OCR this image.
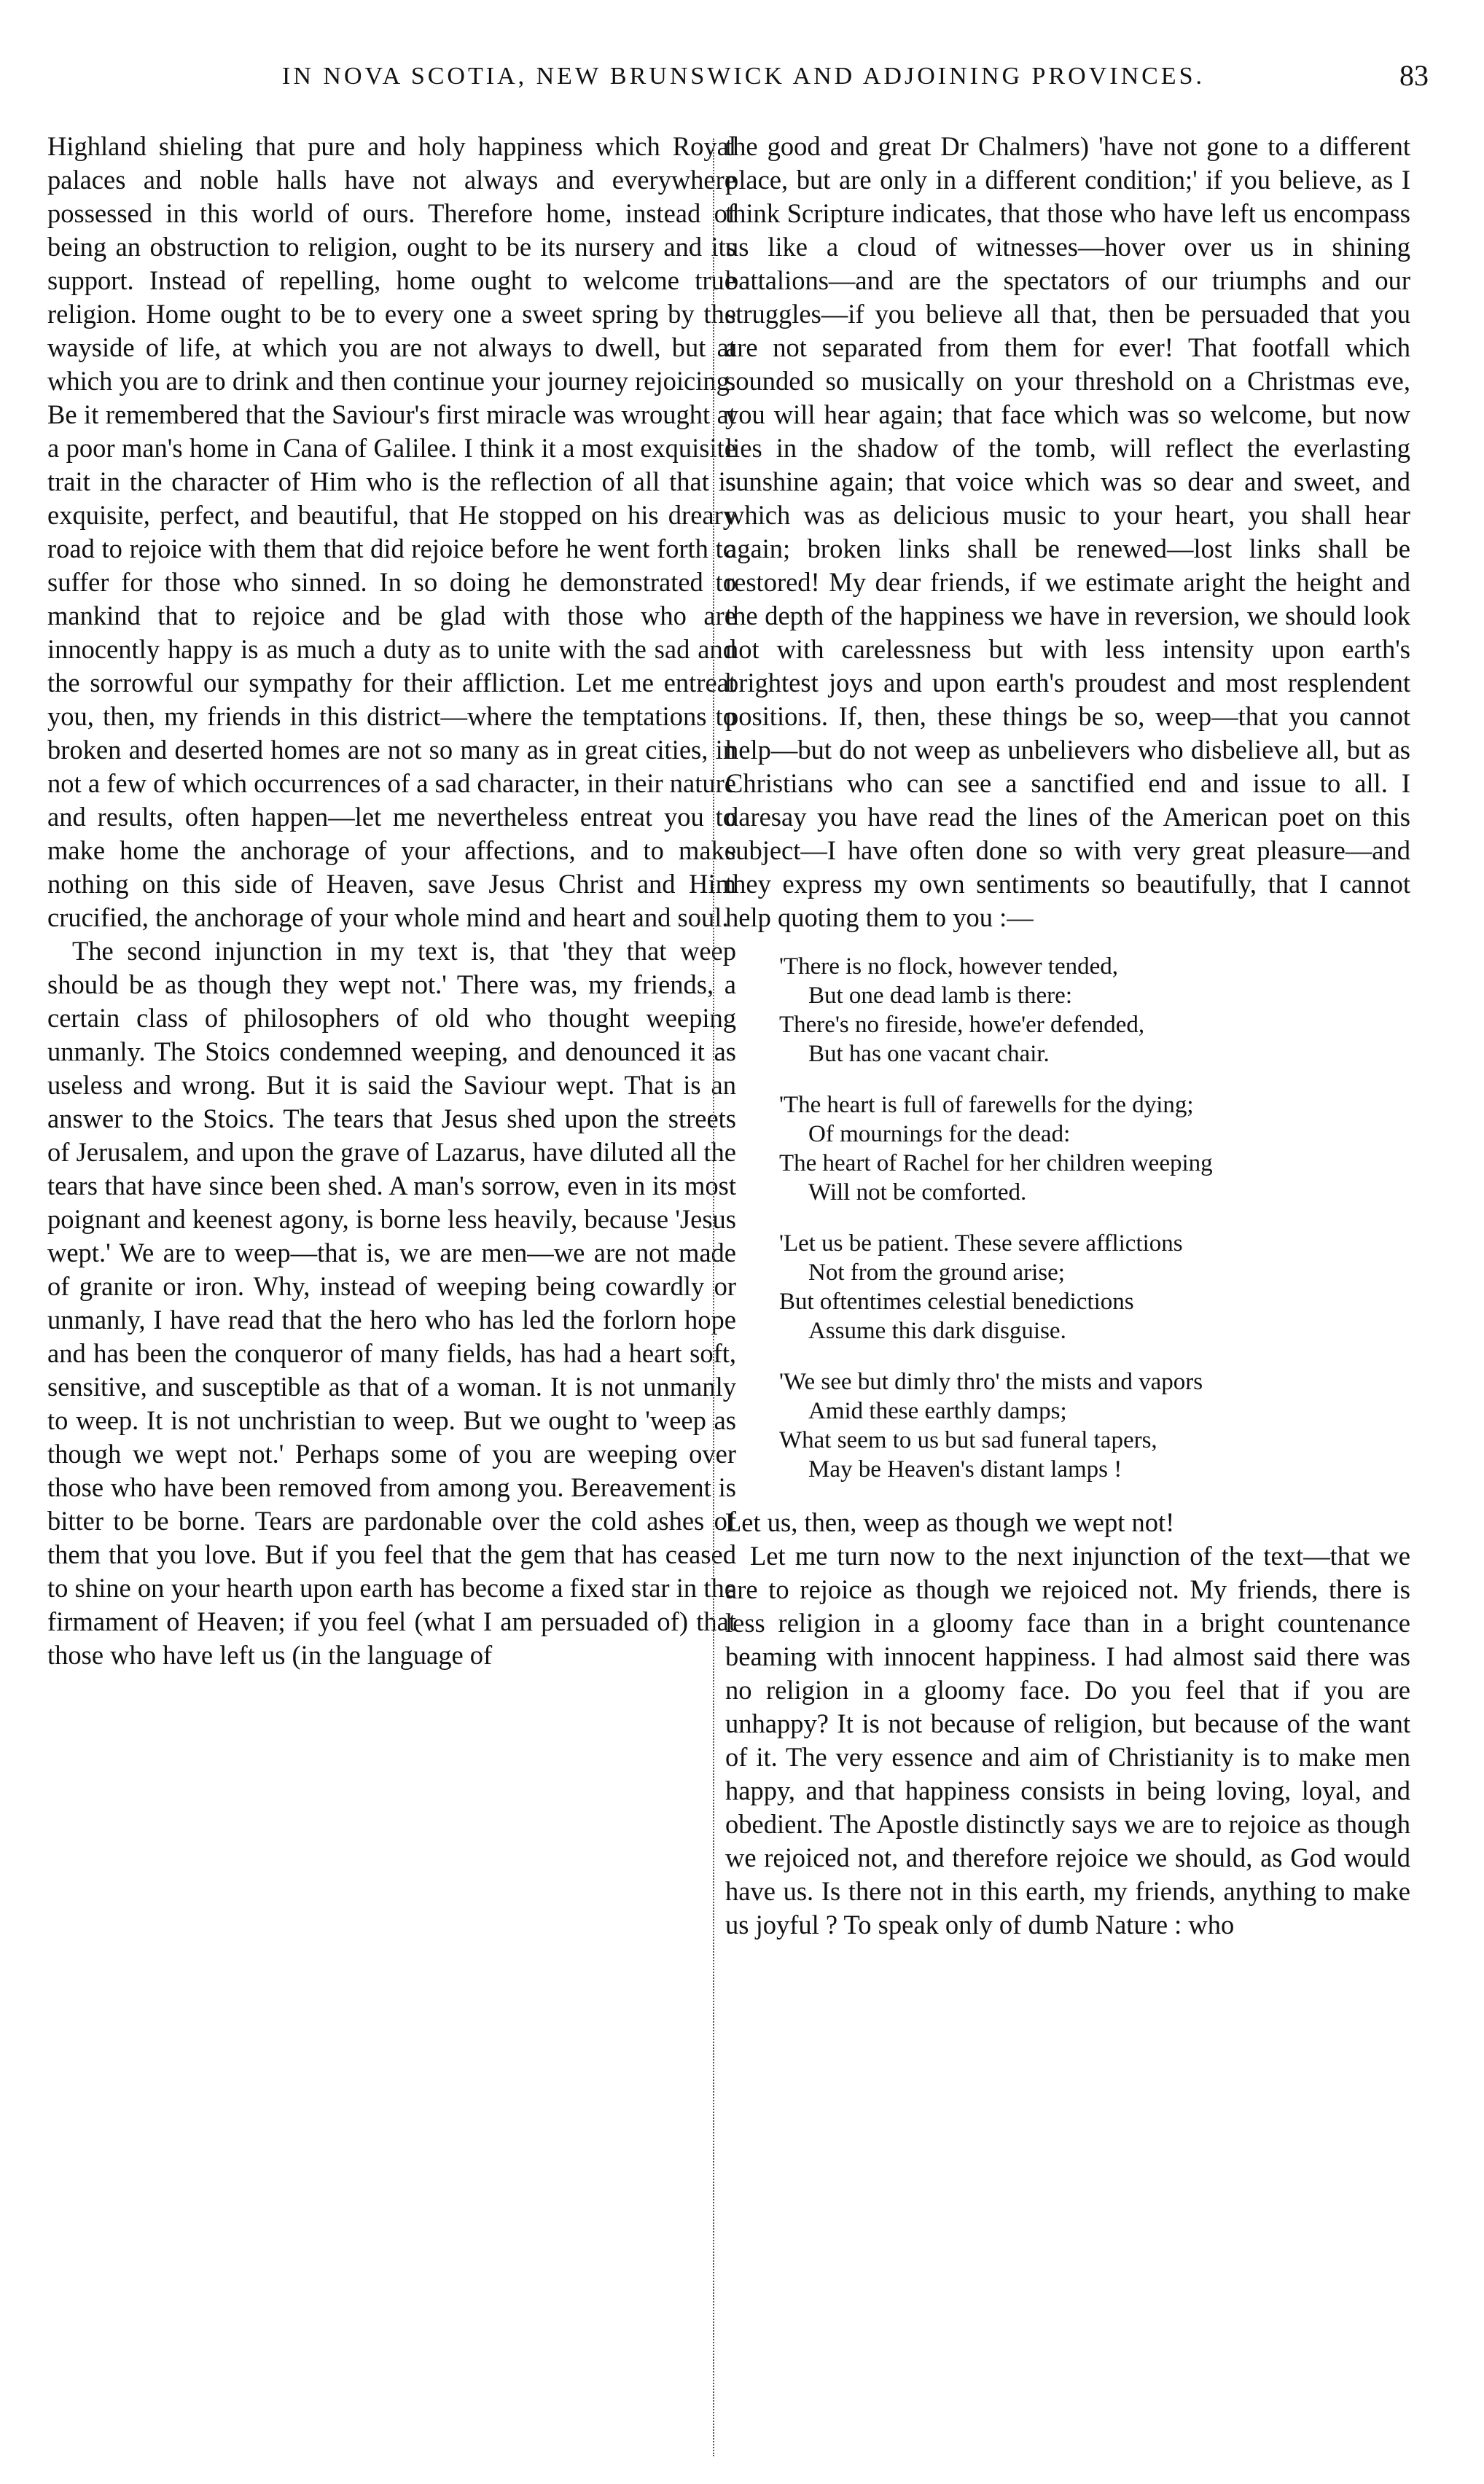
IN NOVA SCOTIA, NEW BRUNSWICK AND ADJOINING PROVINCES.	83

Highland shieling that pure and holy happiness which Royal palaces and noble halls have not always and everywhere possessed in this world of ours. Therefore home, instead of being an obstruction to religion, ought to be its nursery and its support. Instead of repelling, home ought to welcome true religion. Home ought to be to every one a sweet spring by the wayside of life, at which you are not always to dwell, but at which you are to drink and then continue your journey rejoicing. Be it remembered that the Saviour's first miracle was wrought at a poor man's home in Cana of Galilee. I think it a most exquisite trait in the character of Him who is the reflection of all that is exquisite, perfect, and beautiful, that He stopped on his dreary road to rejoice with them that did rejoice before he went forth to suffer for those who sinned. In so doing he demonstrated to mankind that to rejoice and be glad with those who are innocently happy is as much a duty as to unite with the sad and the sorrowful our sympathy for their affliction. Let me entreat you, then, my friends in this district—where the temptations to broken and deserted homes are not so many as in great cities, in not a few of which occurrences of a sad character, in their nature and results, often happen—let me nevertheless entreat you to make home the anchorage of your affections, and to make nothing on this side of Heaven, save Jesus Christ and Him crucified, the anchorage of your whole mind and heart and soul.

The second injunction in my text is, that 'they that weep should be as though they wept not.' There was, my friends, a certain class of philosophers of old who thought weeping unmanly. The Stoics condemned weeping, and denounced it as useless and wrong. But it is said the Saviour wept. That is an answer to the Stoics. The tears that Jesus shed upon the streets of Jerusalem, and upon the grave of Lazarus, have diluted all the tears that have since been shed. A man's sorrow, even in its most poignant and keenest agony, is borne less heavily, because 'Jesus wept.' We are to weep—that is, we are men—we are not made of granite or iron. Why, instead of weeping being cowardly or unmanly, I have read that the hero who has led the forlorn hope and has been the conqueror of many fields, has had a heart soft, sensitive, and susceptible as that of a woman. It is not unmanly to weep. It is not unchristian to weep. But we ought to 'weep as though we wept not.' Perhaps some of you are weeping over those who have been removed from among you. Bereavement is bitter to be borne. Tears are pardonable over the cold ashes of them that you love. But if you feel that the gem that has ceased to shine on your hearth upon earth has become a fixed star in the firmament of Heaven; if you feel (what I am persuaded of) that those who have left us (in the language of

the good and great Dr Chalmers) 'have not gone to a different place, but are only in a different condition;' if you believe, as I think Scripture indicates, that those who have left us encompass us like a cloud of witnesses—hover over us in shining battalions—and are the spectators of our triumphs and our struggles—if you believe all that, then be persuaded that you are not separated from them for ever! That footfall which sounded so musically on your threshold on a Christmas eve, you will hear again; that face which was so welcome, but now lies in the shadow of the tomb, will reflect the everlasting sunshine again; that voice which was so dear and sweet, and which was as delicious music to your heart, you shall hear again; broken links shall be renewed—lost links shall be restored! My dear friends, if we estimate aright the height and the depth of the happiness we have in reversion, we should look not with carelessness but with less intensity upon earth's brightest joys and upon earth's proudest and most resplendent positions. If, then, these things be so, weep—that you cannot help—but do not weep as unbelievers who disbelieve all, but as Christians who can see a sanctified end and issue to all. I daresay you have read the lines of the American poet on this subject—I have often done so with very great pleasure—and they express my own sentiments so beautifully, that I cannot help quoting them to you :—

'There is no flock, however tended,
But one dead lamb is there:
There's no fireside, howe'er defended,
But has one vacant chair.
'The heart is full of farewells for the dying;
Of mournings for the dead:
The heart of Rachel for her children weeping
Will not be comforted.
'Let us be patient. These severe afflictions
Not from the ground arise;
But oftentimes celestial benedictions
Assume this dark disguise.
'We see but dimly thro' the mists and vapors
Amid these earthly damps;
What seem to us but sad funeral tapers,
May be Heaven's distant lamps !

Let us, then, weep as though we wept not!

Let me turn now to the next injunction of the text—that we are to rejoice as though we rejoiced not. My friends, there is less religion in a gloomy face than in a bright countenance beaming with innocent happiness. I had almost said there was no religion in a gloomy face. Do you feel that if you are unhappy? It is not because of religion, but because of the want of it. The very essence and aim of Christianity is to make men happy, and that happiness consists in being loving, loyal, and obedient. The Apostle distinctly says we are to rejoice as though we rejoiced not, and therefore rejoice we should, as God would have us. Is there not in this earth, my friends, anything to make us joyful ? To speak only of dumb Nature : who
